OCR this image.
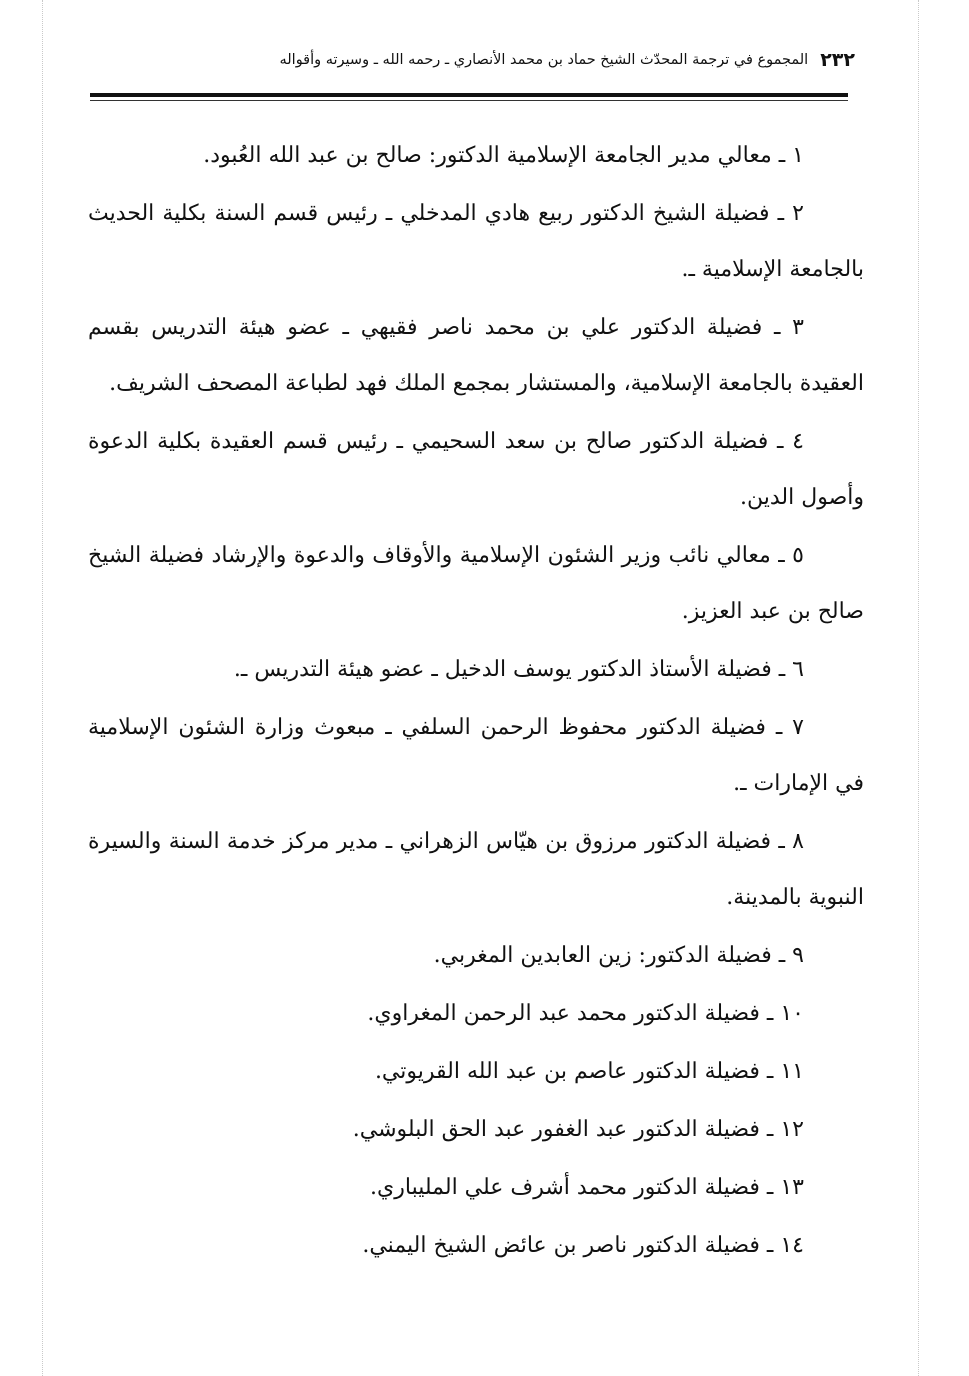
٢٣٢
المجموع في ترجمة المحدّث الشيخ حماد بن محمد الأنصاري ـ رحمه الله ـ وسيرته وأقواله

١ ـ معالي مدير الجامعة الإسلامية الدكتور: صالح بن عبد الله العُبود.

٢ ـ فضيلة الشيخ الدكتور ربيع هادي المدخلي ـ رئيس قسم السنة بكلية الحديث بالجامعة الإسلامية ـ.

٣ ـ فضيلة الدكتور علي بن محمد ناصر فقيهي ـ عضو هيئة التدريس بقسم العقيدة بالجامعة الإسلامية، والمستشار بمجمع الملك فهد لطباعة المصحف الشريف.

٤ ـ فضيلة الدكتور صالح بن سعد السحيمي ـ رئيس قسم العقيدة بكلية الدعوة وأصول الدين.

٥ ـ معالي نائب وزير الشئون الإسلامية والأوقاف والدعوة والإرشاد فضيلة الشيخ صالح بن عبد العزيز.

٦ ـ فضيلة الأستاذ الدكتور يوسف الدخيل ـ عضو هيئة التدريس ـ.

٧ ـ فضيلة الدكتور محفوظ الرحمن السلفي ـ مبعوث وزارة الشئون الإسلامية في الإمارات ـ.

٨ ـ فضيلة الدكتور مرزوق بن هيّاس الزهراني ـ مدير مركز خدمة السنة والسيرة النبوية بالمدينة.

٩ ـ فضيلة الدكتور: زين العابدين المغربي.

١٠ ـ فضيلة الدكتور محمد عبد الرحمن المغراوي.

١١ ـ فضيلة الدكتور عاصم بن عبد الله القريوتي.

١٢ ـ فضيلة الدكتور عبد الغفور عبد الحق البلوشي.

١٣ ـ فضيلة الدكتور محمد أشرف علي المليباري.

١٤ ـ فضيلة الدكتور ناصر بن عائض الشيخ اليمني.
